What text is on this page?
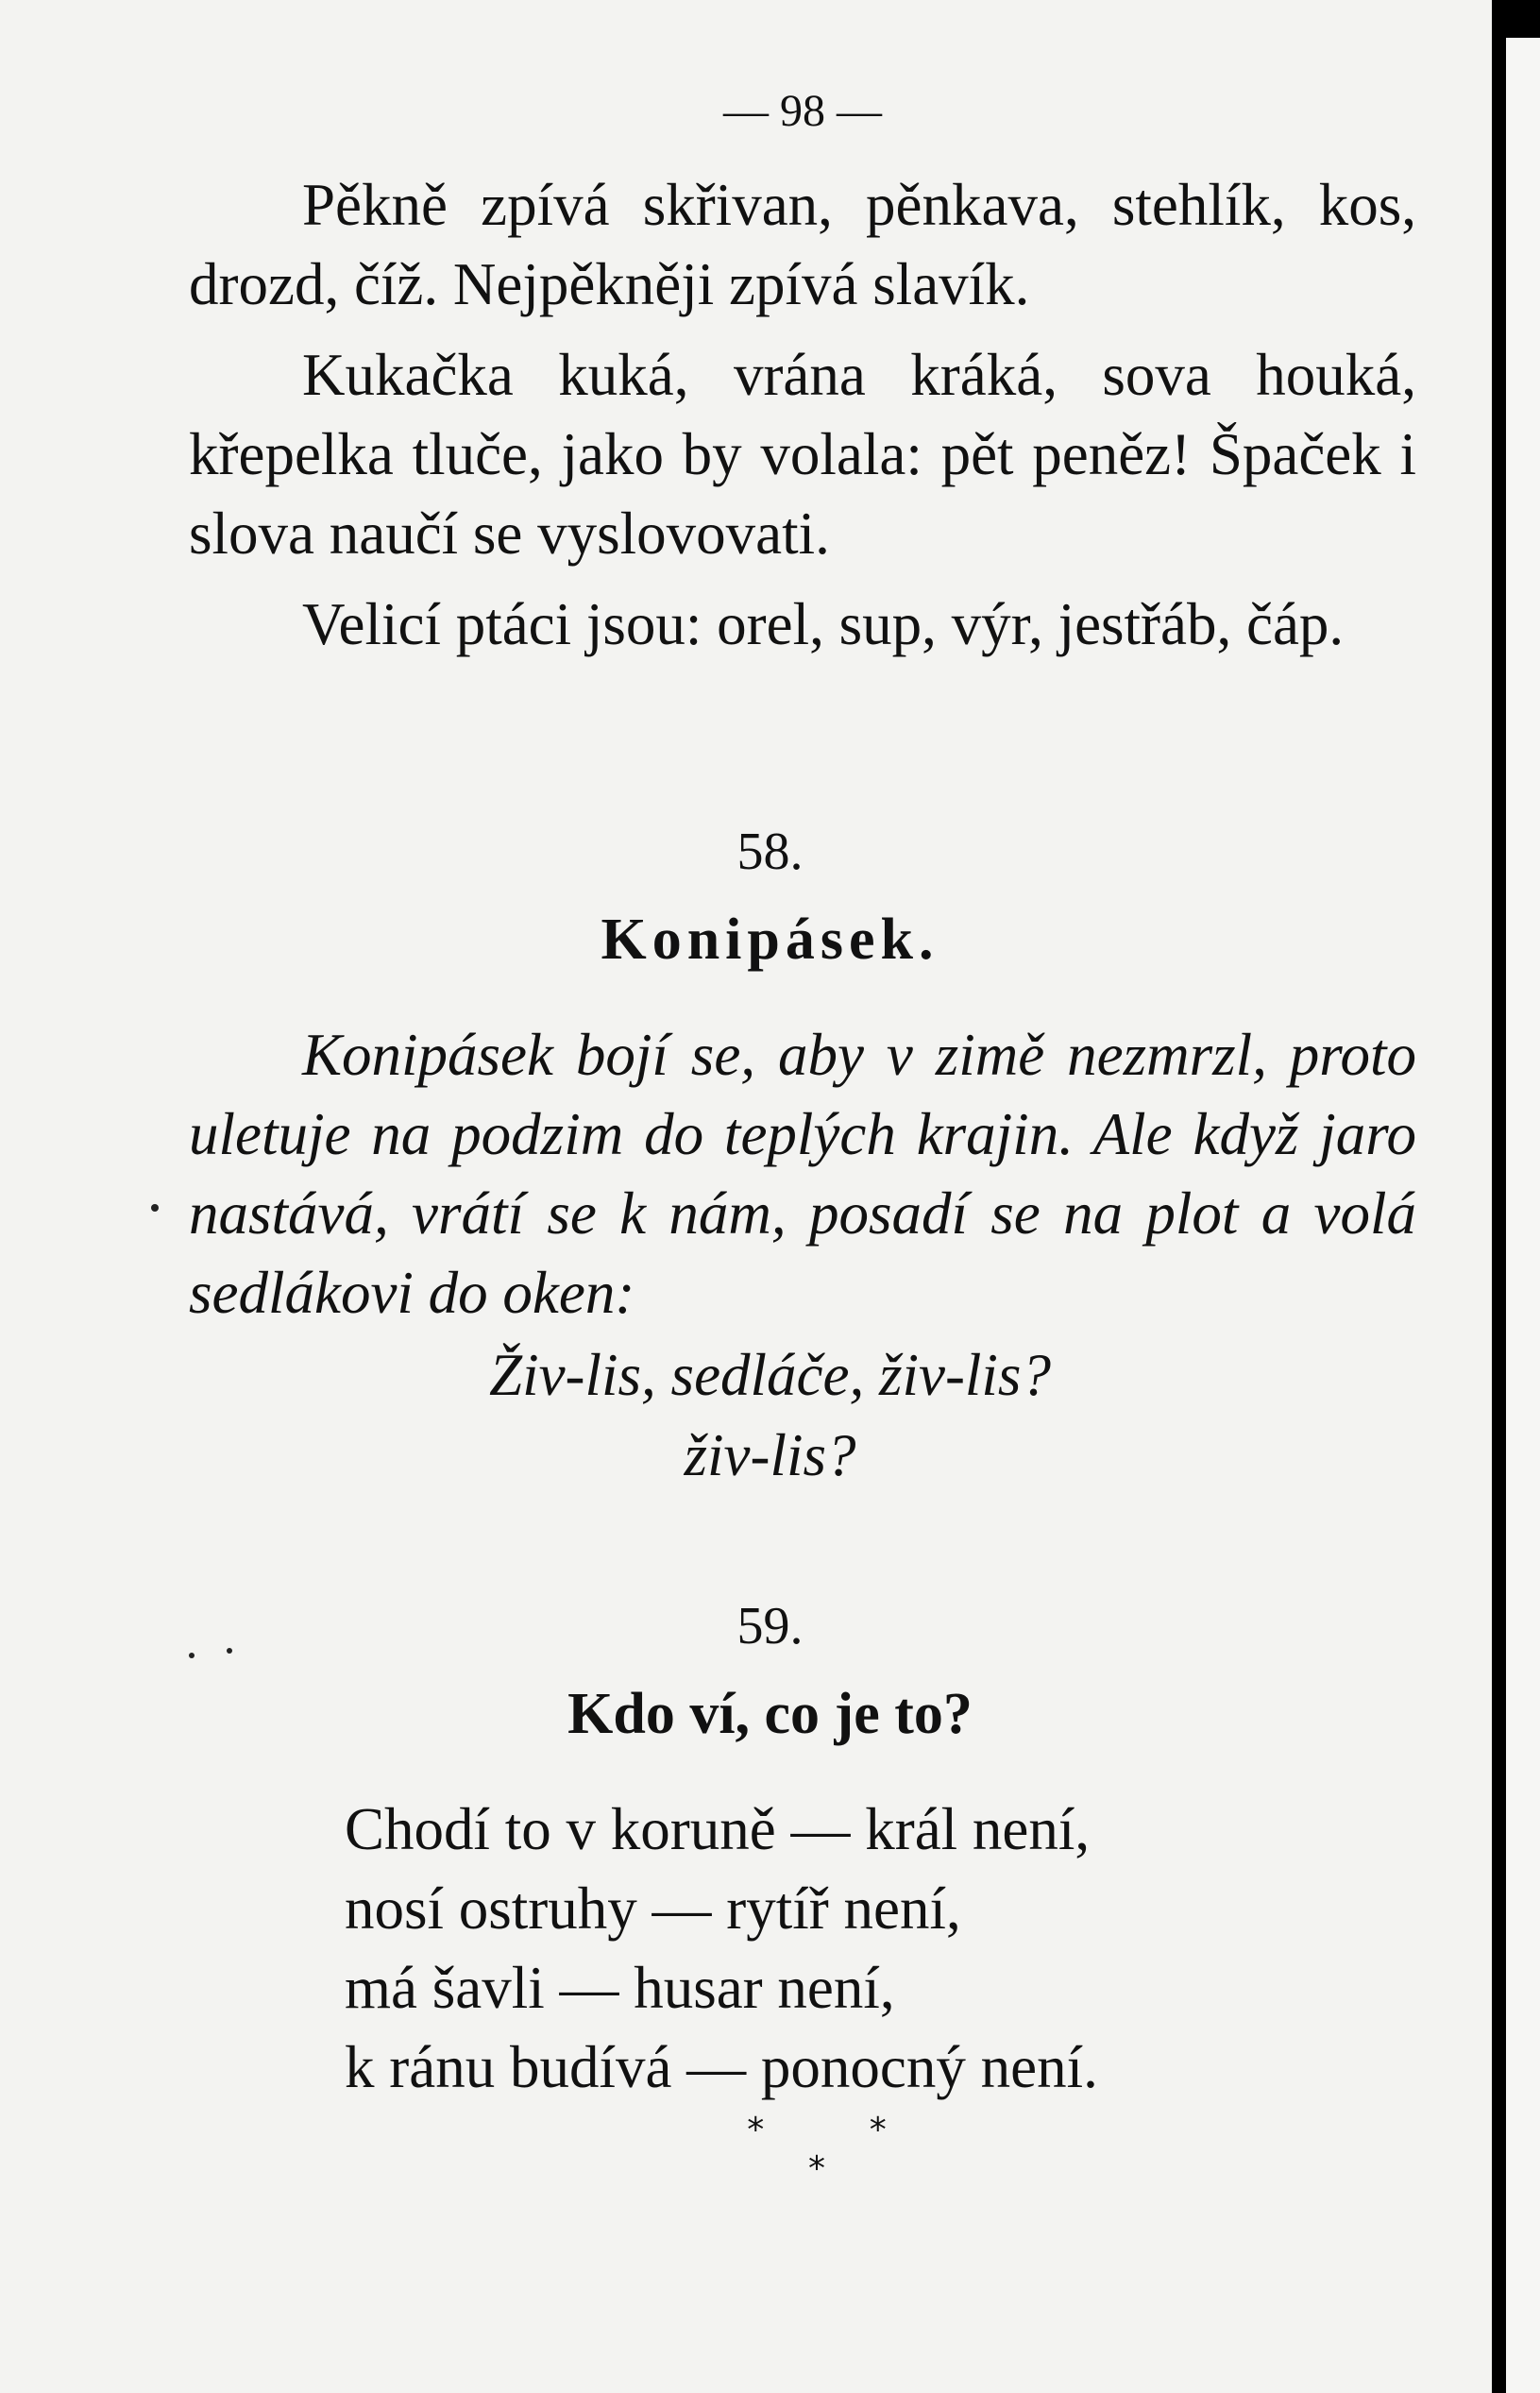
— 98 —

Pěkně zpívá skřivan, pěnkava, stehlík, kos, drozd, číž. Nejpěkněji zpívá slavík.

Kukačka kuká, vrána kráká, sova houká, křepelka tluče, jako by volala: pět peněz! Špaček i slova naučí se vyslovovati.

Velicí ptáci jsou: orel, sup, výr, jestřáb, čáp.

58.
Konipásek.

Konipásek bojí se, aby v zimě nezmrzl, proto uletuje na podzim do teplých krajin. Ale když jaro nastává, vrátí se k nám, posadí se na plot a volá sedlákovi do oken:

Živ-lis, sedláče, živ-lis?
živ-lis?
59.
Kdo ví, co je to?
Chodí to v koruně — král není,
nosí ostruhy — rytíř není,
má šavli — husar není,
k ránu budívá — ponocný není.
* * *
